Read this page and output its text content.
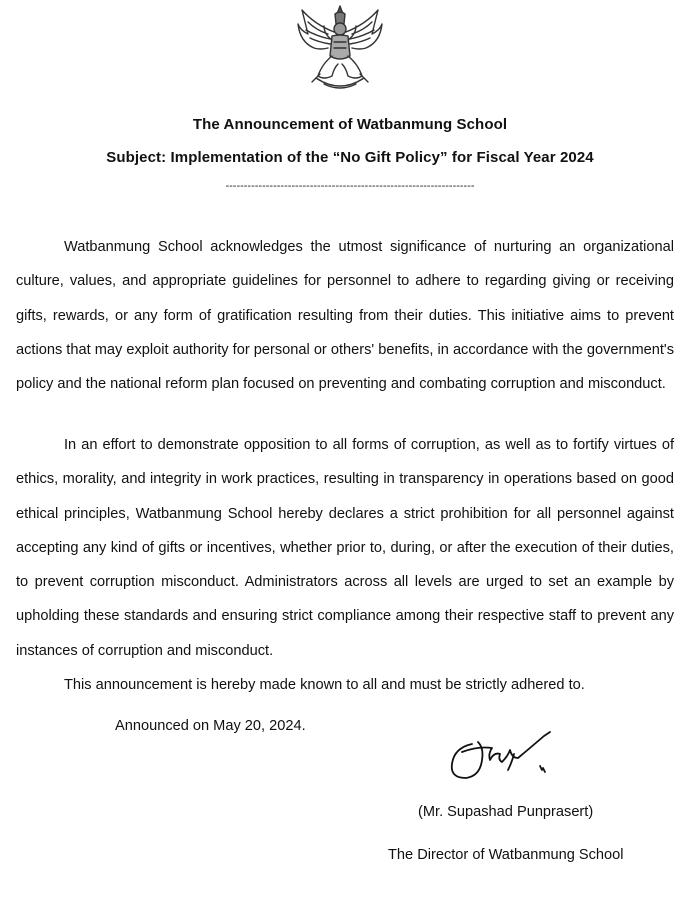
The Announcement of Watbanmung School
Subject: Implementation of the “No Gift Policy” for Fiscal Year 2024
--------------------------------------------------------------------

Watbanmung School acknowledges the utmost significance of nurturing an organizational culture, values, and appropriate guidelines for personnel to adhere to regarding giving or receiving gifts, rewards, or any form of gratification resulting from their duties. This initiative aims to prevent actions that may exploit authority for personal or others' benefits, in accordance with the government's policy and the national reform plan focused on preventing and combating corruption and misconduct.

In an effort to demonstrate opposition to all forms of corruption, as well as to fortify virtues of ethics, morality, and integrity in work practices, resulting in transparency in operations based on good ethical principles, Watbanmung School hereby declares a strict prohibition for all personnel against accepting any kind of gifts or incentives, whether prior to, during, or after the execution of their duties, to prevent corruption misconduct. Administrators across all levels are urged to set an example by upholding these standards and ensuring strict compliance among their respective staff to prevent any instances of corruption and misconduct.

This announcement is hereby made known to all and must be strictly adhered to.
Announced on May 20, 2024.
(Mr. Supashad Punprasert)
The Director of Watbanmung School
